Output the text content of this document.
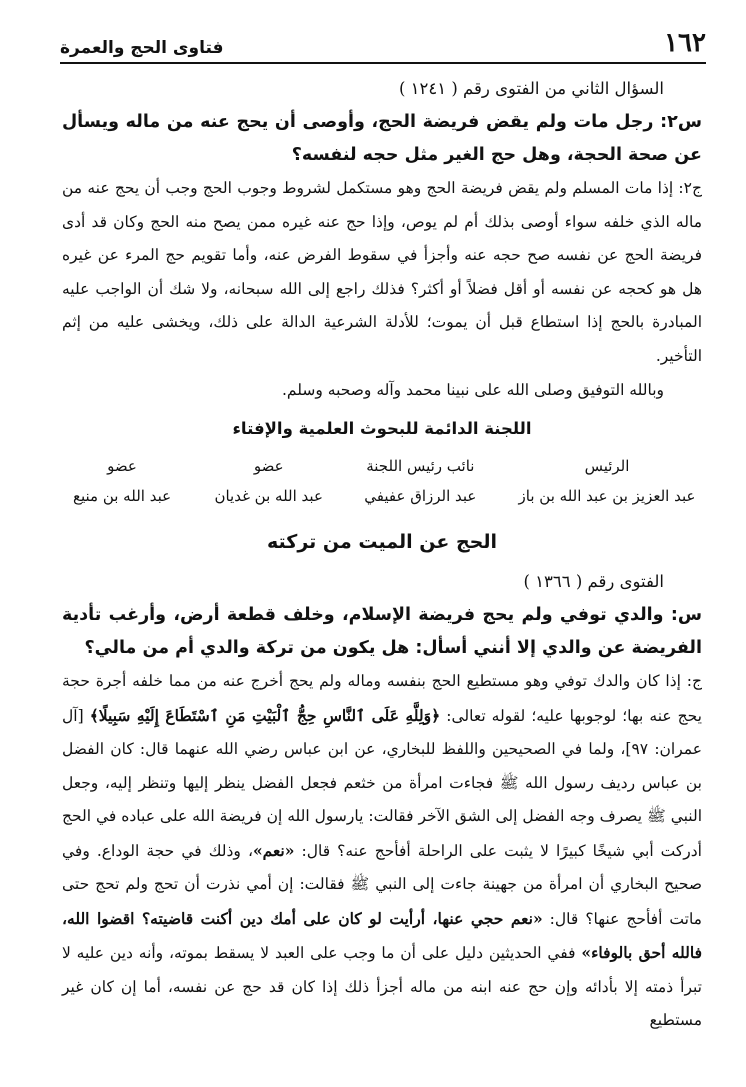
١٦٢
فتاوى الحج والعمرة

السؤال الثاني من الفتوى رقم ( ١٢٤١ )

س٢: رجل مات ولم يقض فريضة الحج، وأوصى أن يحج عنه من ماله ويسأل عن صحة الحجة، وهل حج الغير مثل حجه لنفسه؟

ج٢: إذا مات المسلم ولم يقض فريضة الحج وهو مستكمل لشروط وجوب الحج وجب أن يحج عنه من ماله الذي خلفه سواء أوصى بذلك أم لم يوص، وإذا حج عنه غيره ممن يصح منه الحج وكان قد أدى فريضة الحج عن نفسه صح حجه عنه وأجزأ في سقوط الفرض عنه، وأما تقويم حج المرء عن غيره هل هو كحجه عن نفسه أو أقل فضلاً أو أكثر؟ فذلك راجع إلى الله سبحانه، ولا شك أن الواجب عليه المبادرة بالحج إذا استطاع قبل أن يموت؛ للأدلة الشرعية الدالة على ذلك، ويخشى عليه من إثم التأخير.

وبالله التوفيق وصلى الله على نبينا محمد وآله وصحبه وسلم.

اللجنة الدائمة للبحوث العلمية والإفتاء

الرئيس
نائب رئيس اللجنة
عضو
عضو
عبد العزيز بن عبد الله بن باز
عبد الرزاق عفيفي
عبد الله بن غديان
عبد الله بن منيع

الحج عن الميت من تركته

الفتوى رقم ( ١٣٦٦ )

س: والدي توفي ولم يحج فريضة الإسلام، وخلف قطعة أرض، وأرغب تأدية الفريضة عن والدي إلا أنني أسأل: هل يكون من تركة والدي أم من مالي؟

ج: إذا كان والدك توفي وهو مستطيع الحج بنفسه وماله ولم يحج أخرج عنه من مما خلفه أجرة حجة يحج عنه بها؛ لوجوبها عليه؛ لقوله تعالى: ﴿وَلِلَّهِ عَلَى ٱلنَّاسِ حِجُّ ٱلْبَيْتِ مَنِ ٱسْتَطَاعَ إِلَيْهِ سَبِيلًا﴾ [آل عمران: ٩٧]، ولما في الصحيحين واللفظ للبخاري، عن ابن عباس رضي الله عنهما قال: كان الفضل بن عباس رديف رسول الله ﷺ فجاءت امرأة من خثعم فجعل الفضل ينظر إليها وتنظر إليه، وجعل النبي ﷺ يصرف وجه الفضل إلى الشق الآخر فقالت: يارسول الله إن فريضة الله على عباده في الحج أدركت أبي شيخًا كبيرًا لا يثبت على الراحلة أفأحج عنه؟ قال: «نعم»، وذلك في حجة الوداع. وفي صحيح البخاري أن امرأة من جهينة جاءت إلى النبي ﷺ فقالت: إن أمي نذرت أن تحج ولم تحج حتى ماتت أفأحج عنها؟ قال: «نعم حجي عنها، أرأيت لو كان على أمك دين أكنت قاضيته؟ اقضوا الله، فالله أحق بالوفاء» ففي الحديثين دليل على أن ما وجب على العبد لا يسقط بموته، وأنه دين عليه لا تبرأ ذمته إلا بأدائه وإن حج عنه ابنه من ماله أجزأ ذلك إذا كان قد حج عن نفسه، أما إن كان غير مستطيع
